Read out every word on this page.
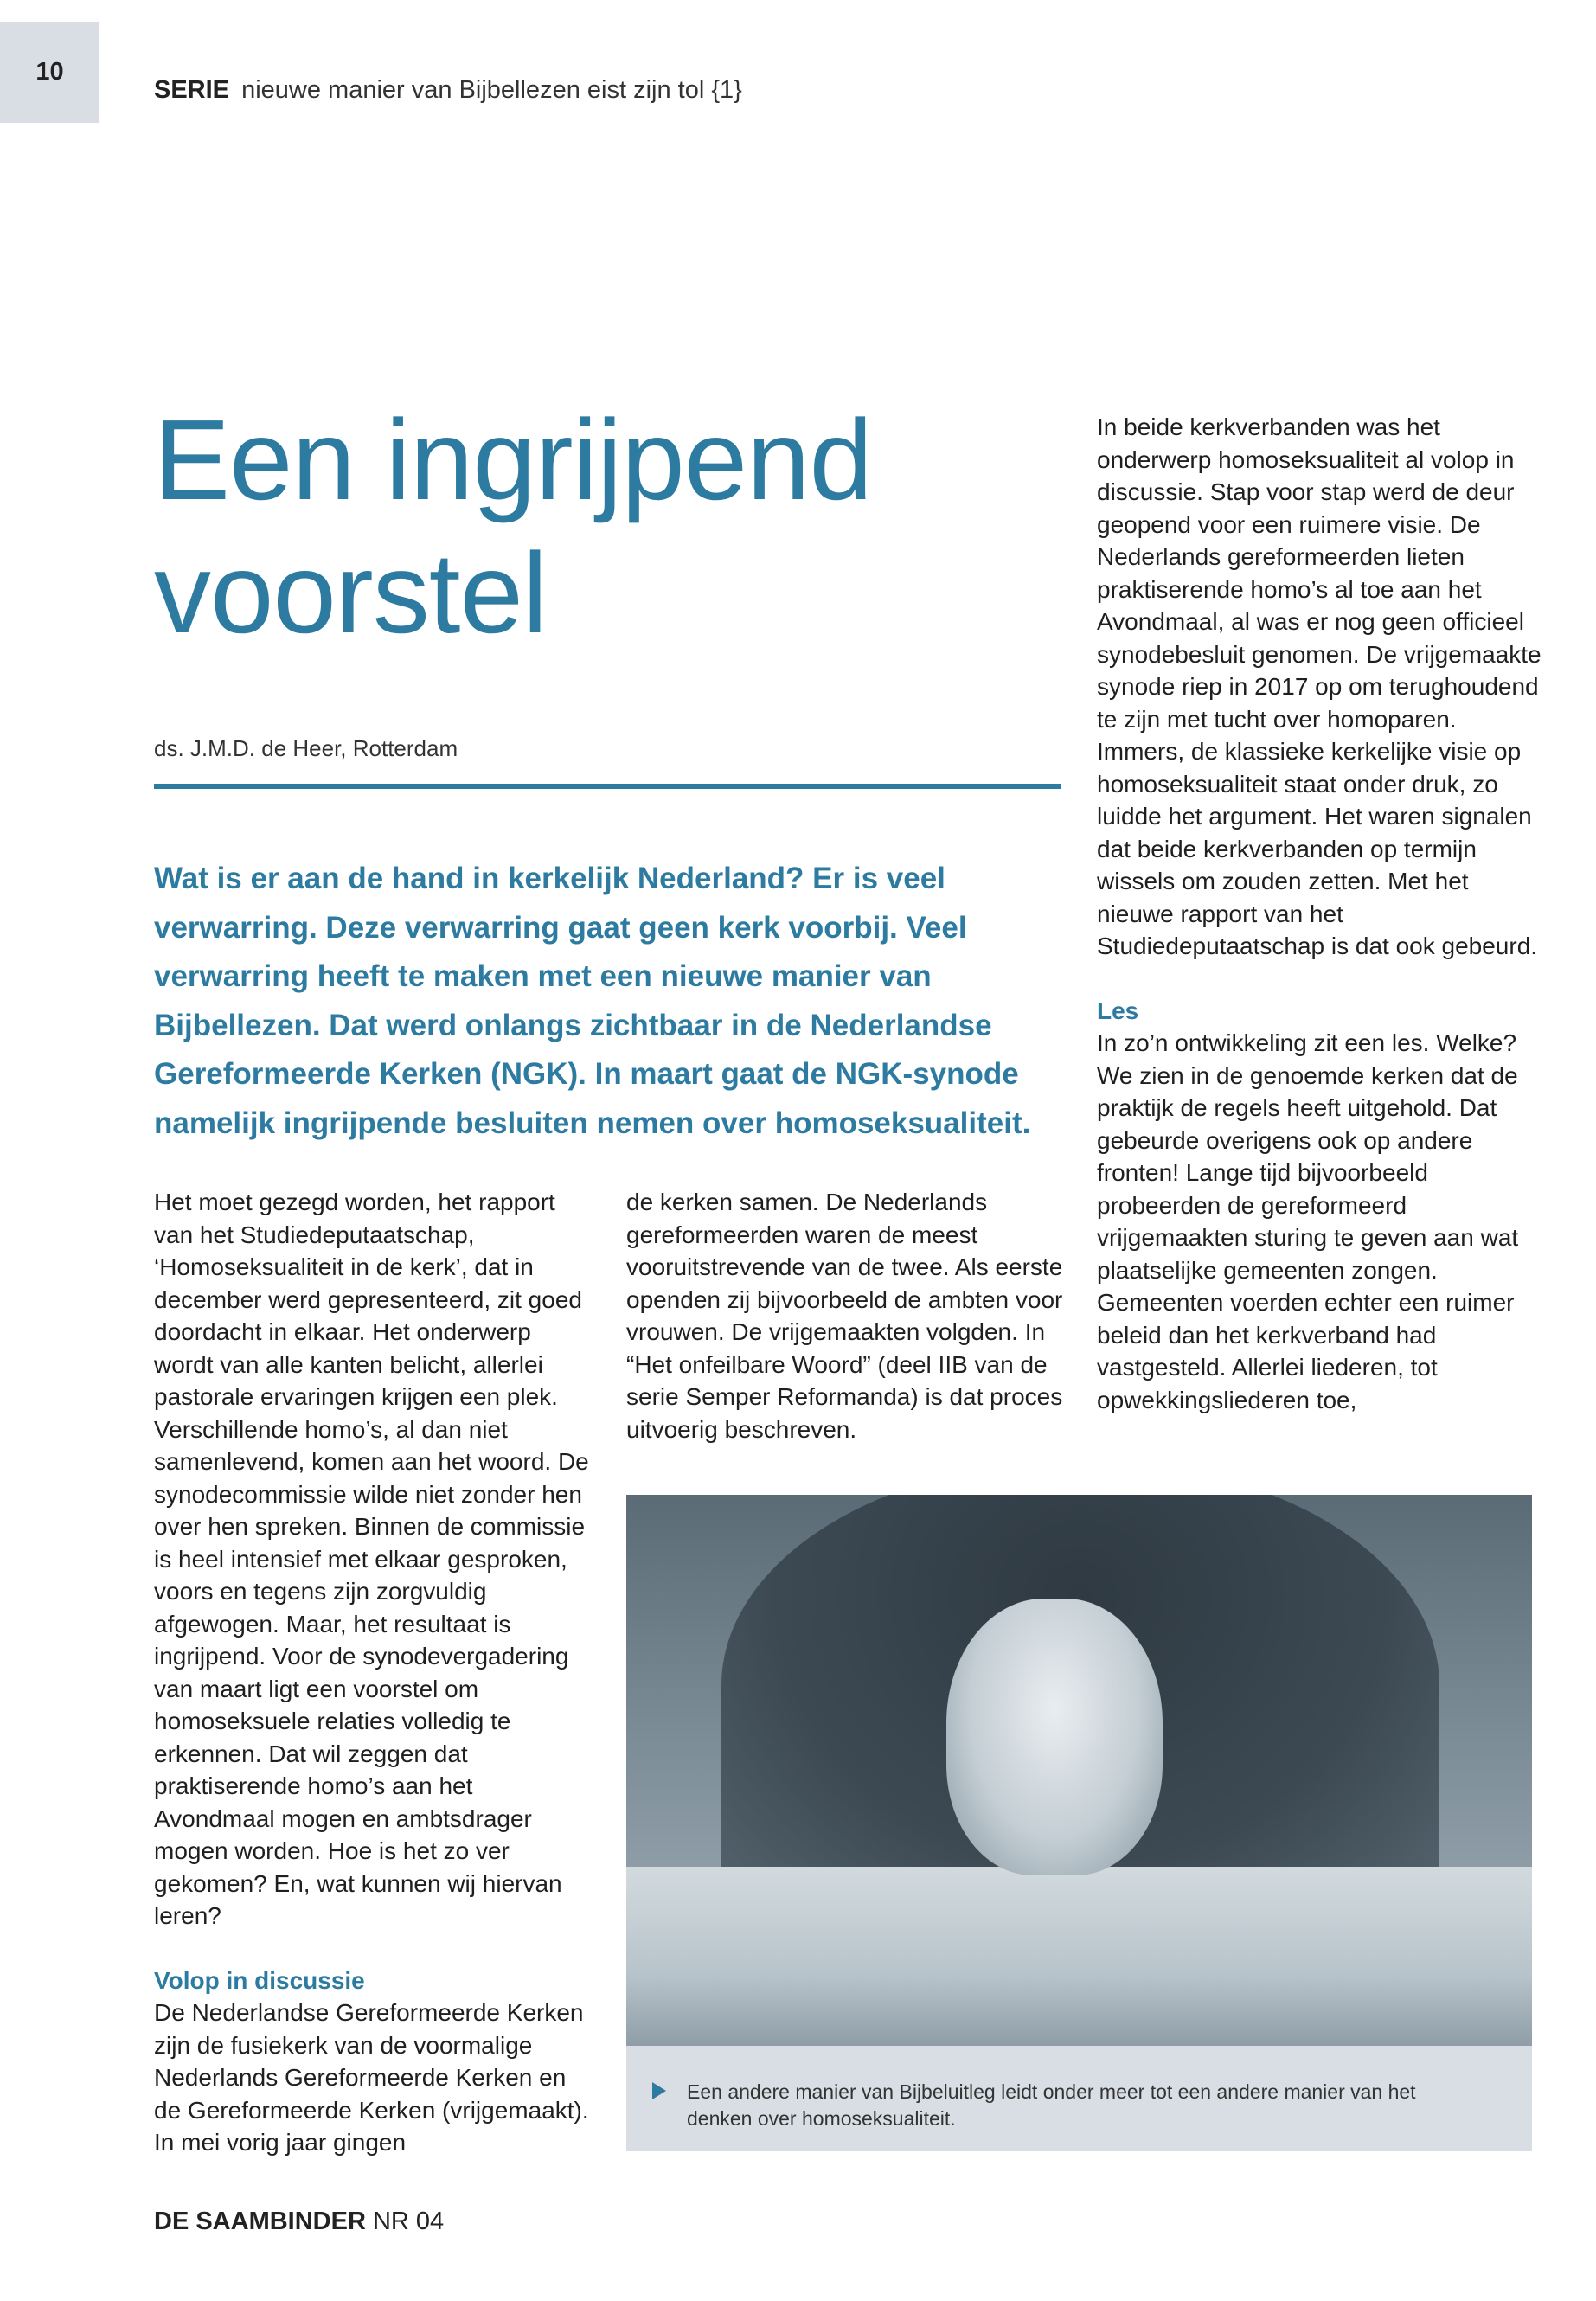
10
SERIE nieuwe manier van Bijbellezen eist zijn tol {1}
Een ingrijpend
voorstel
ds. J.M.D. de Heer, Rotterdam

Wat is er aan de hand in kerkelijk Nederland? Er is veel verwarring. Deze verwarring gaat geen kerk voorbij. Veel verwarring heeft te maken met een nieuwe manier van Bijbellezen. Dat werd onlangs zichtbaar in de Nederlandse Gereformeerde Kerken (NGK). In maart gaat de NGK-synode namelijk ingrijpende besluiten nemen over homoseksualiteit.

Het moet gezegd worden, het rapport van het Studiedeputaatschap, ‘Homoseksualiteit in de kerk’, dat in december werd gepresenteerd, zit goed doordacht in elkaar. Het onderwerp wordt van alle kanten belicht, allerlei pastorale ervaringen krijgen een plek. Verschillende homo’s, al dan niet samenlevend, komen aan het woord. De synodecommissie wilde niet zonder hen over hen spreken. Binnen de commissie is heel intensief met elkaar gesproken, voors en tegens zijn zorgvuldig afgewogen. Maar, het resultaat is ingrijpend. Voor de synodevergadering van maart ligt een voorstel om homoseksuele relaties volledig te erkennen. Dat wil zeggen dat praktiserende homo’s aan het Avondmaal mogen en ambtsdrager mogen worden. Hoe is het zo ver gekomen? En, wat kunnen wij hiervan leren?

Volop in discussie

De Nederlandse Gereformeerde Kerken zijn de fusiekerk van de voormalige Nederlands Gereformeerde Kerken en de Gereformeerde Kerken (vrijgemaakt). In mei vorig jaar gingen

de kerken samen. De Nederlands gereformeerden waren de meest vooruitstrevende van de twee. Als eerste openden zij bijvoorbeeld de ambten voor vrouwen. De vrijgemaakten volgden. In “Het onfeilbare Woord” (deel IIB van de serie Semper Reformanda) is dat proces uitvoerig beschreven.

In beide kerkverbanden was het onderwerp homoseksualiteit al volop in discussie. Stap voor stap werd de deur geopend voor een ruimere visie. De Nederlands gereformeerden lieten praktiserende homo’s al toe aan het Avondmaal, al was er nog geen officieel synodebesluit genomen. De vrijgemaakte synode riep in 2017 op om terughoudend te zijn met tucht over homoparen. Immers, de klassieke kerkelijke visie op homoseksualiteit staat onder druk, zo luidde het argument. Het waren signalen dat beide kerkverbanden op termijn wissels om zouden zetten. Met het nieuwe rapport van het Studiedeputaatschap is dat ook gebeurd.

Les

In zo’n ontwikkeling zit een les. Welke? We zien in de genoemde kerken dat de praktijk de regels heeft uitgehold. Dat gebeurde overigens ook op andere fronten! Lange tijd bijvoorbeeld probeerden de gereformeerd vrijgemaakten sturing te geven aan wat plaatselijke gemeenten zongen. Gemeenten voerden echter een ruimer beleid dan het kerkverband had vastgesteld. Allerlei liederen, tot opwekkingsliederen toe,

Een andere manier van Bijbeluitleg leidt onder meer tot een andere manier van het denken over homoseksualiteit.
DE SAAMBINDER NR 04
